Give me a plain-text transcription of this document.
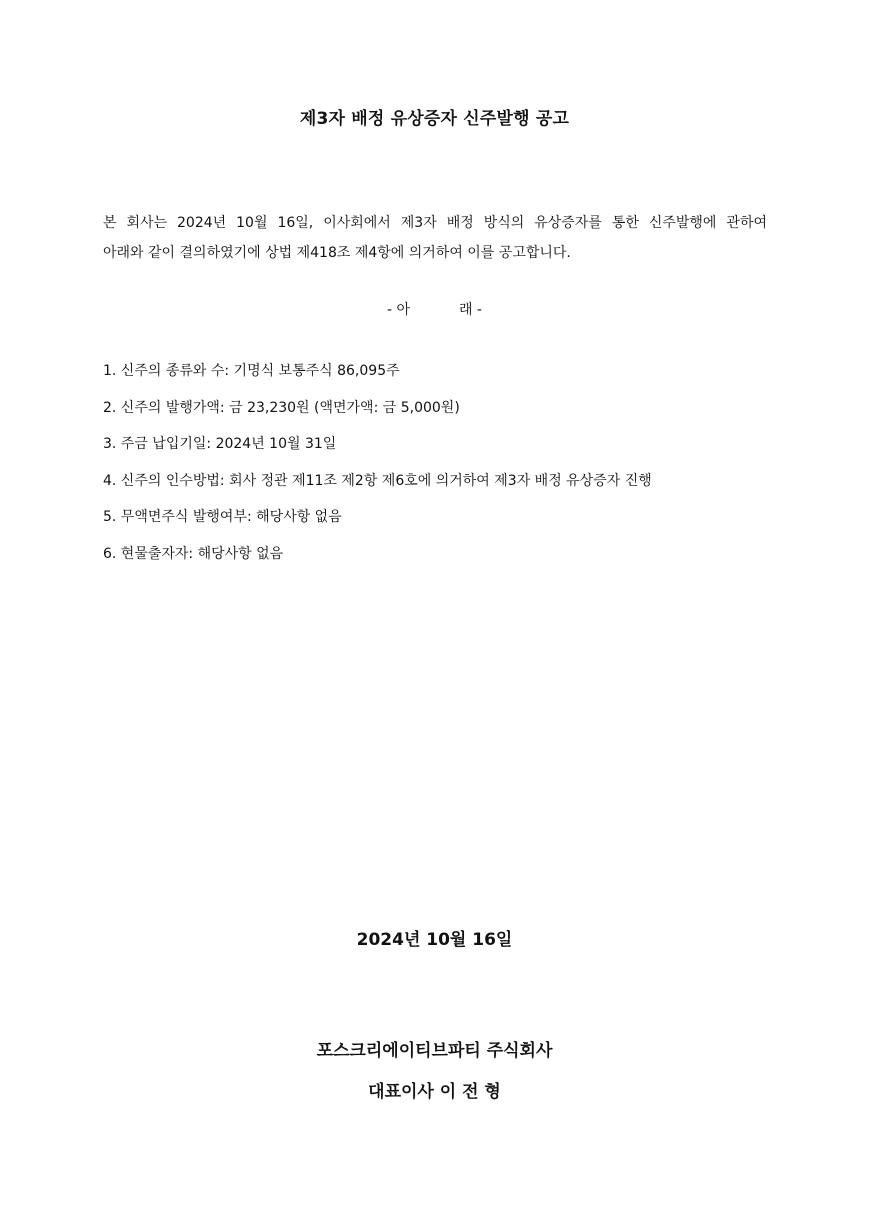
제3자 배정 유상증자 신주발행 공고
본 회사는 2024년 10월 16일, 이사회에서 제3자 배정 방식의 유상증자를 통한 신주발행에 관하여
아래와 같이 결의하였기에 상법 제418조 제4항에 의거하여 이를 공고합니다.
- 아           래 -
1. 신주의 종류와 수: 기명식 보통주식 86,095주
2. 신주의 발행가액: 금 23,230원 (액면가액: 금 5,000원)
3. 주금 납입기일: 2024년 10월 31일
4. 신주의 인수방법: 회사 정관 제11조 제2항 제6호에 의거하여 제3자 배정 유상증자 진행
5. 무액면주식 발행여부: 해당사항 없음
6. 현물출자자: 해당사항 없음
2024년 10월 16일
포스크리에이티브파티 주식회사
대표이사 이 전 형
